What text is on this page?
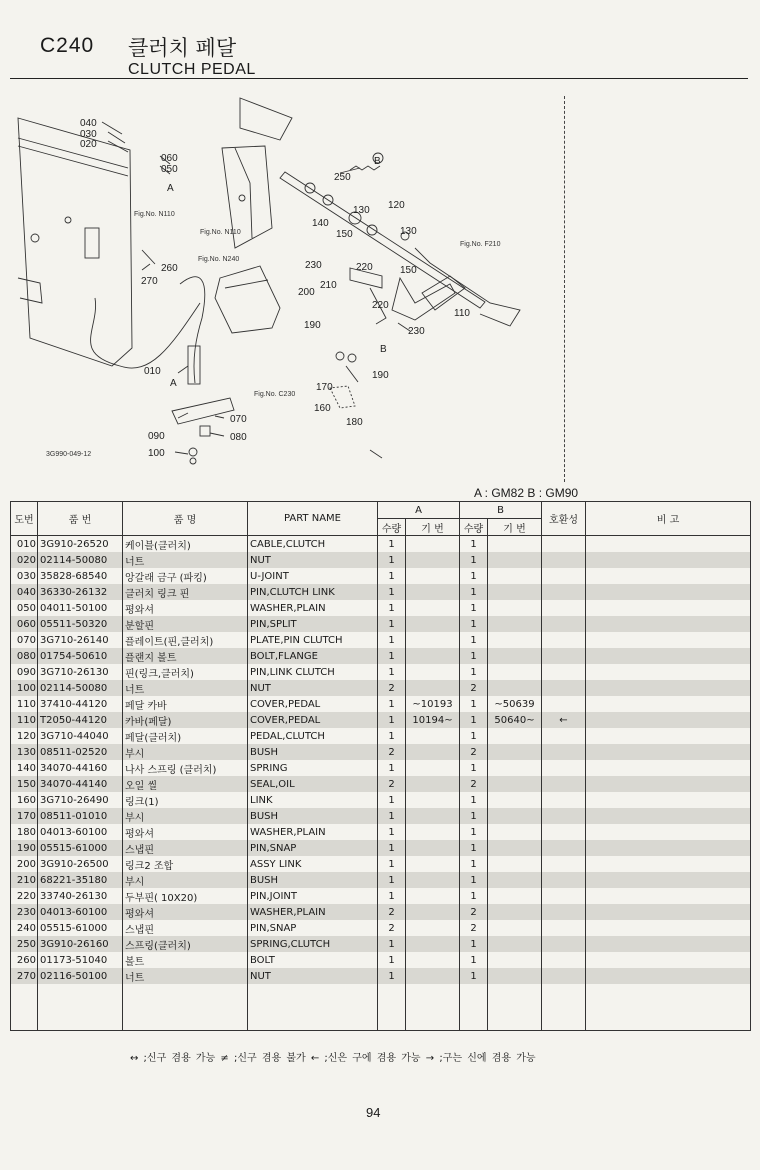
C240 클러치 페달
CLUTCH PEDAL
040
030
020
060
050
A
Fig.No. N110
Fig.No. N110
Fig.No. N240
260
270
250
B
140
150
130 120
130
Fig.No. F210
230	220	150
210
200
220
110
190
230
B
010
A
190
170
Fig.No. C230
160
070	180
090	080
100
3G990-049-12
A : GM82 B : GM90
도번	품 번	품 명	PART NAME	A		B		호환성	비 고
				수량	기 번	수량	기 번		
010	3G910-26520	케이블(클러치)	CABLE,CLUTCH	1		1			
020	02114-50080	너트	NUT	1		1			
030	35828-68540	앙갈래 금구 (파킹)	U-JOINT	1		1			
040	36330-26132	클러치 링크 핀	PIN,CLUTCH LINK	1		1			
050	04011-50100	평와셔	WASHER,PLAIN	1		1			
060	05511-50320	분할핀	PIN,SPLIT	1		1			
070	3G710-26140	플레이트(핀,클러치)	PLATE,PIN CLUTCH	1		1			
080	01754-50610	플랜지 볼트	BOLT,FLANGE	1		1			
090	3G710-26130	핀(링크,클러치)	PIN,LINK CLUTCH	1		1			
100	02114-50080	너트	NUT	2		2			
110	37410-44120	페달 카바	COVER,PEDAL	1	~10193	1	~50639		
110	T2050-44120	카바(페달)	COVER,PEDAL	1	10194~	1	50640~	←	
120	3G710-44040	페달(클러치)	PEDAL,CLUTCH	1		1			
130	08511-02520	부시	BUSH	2		2			
140	34070-44160	나사 스프링 (클러치)	SPRING	1		1			
150	34070-44140	오일 씰	SEAL,OIL	2		2			
160	3G710-26490	링크(1)	LINK	1		1			
170	08511-01010	부시	BUSH	1		1			
180	04013-60100	평와셔	WASHER,PLAIN	1		1			
190	05515-61000	스냅핀	PIN,SNAP	1		1			
200	3G910-26500	링크2 조합	ASSY LINK	1		1			
210	68221-35180	부시	BUSH	1		1			
220	33740-26130	두부핀( 10X20)	PIN,JOINT	1		1			
230	04013-60100	평와셔	WASHER,PLAIN	2		2			
240	05515-61000	스냅핀	PIN,SNAP	2		2			
250	3G910-26160	스프링(클러치)	SPRING,CLUTCH	1		1			
260	01173-51040	볼트	BOLT	1		1			
270	02116-50100	너트	NUT	1		1			

↔ ;신구 겸용 가능 ≠ ;신구 겸용 불가 ← ;신은 구에 겸용 가능 → ;구는 신에 겸용 가능
94
